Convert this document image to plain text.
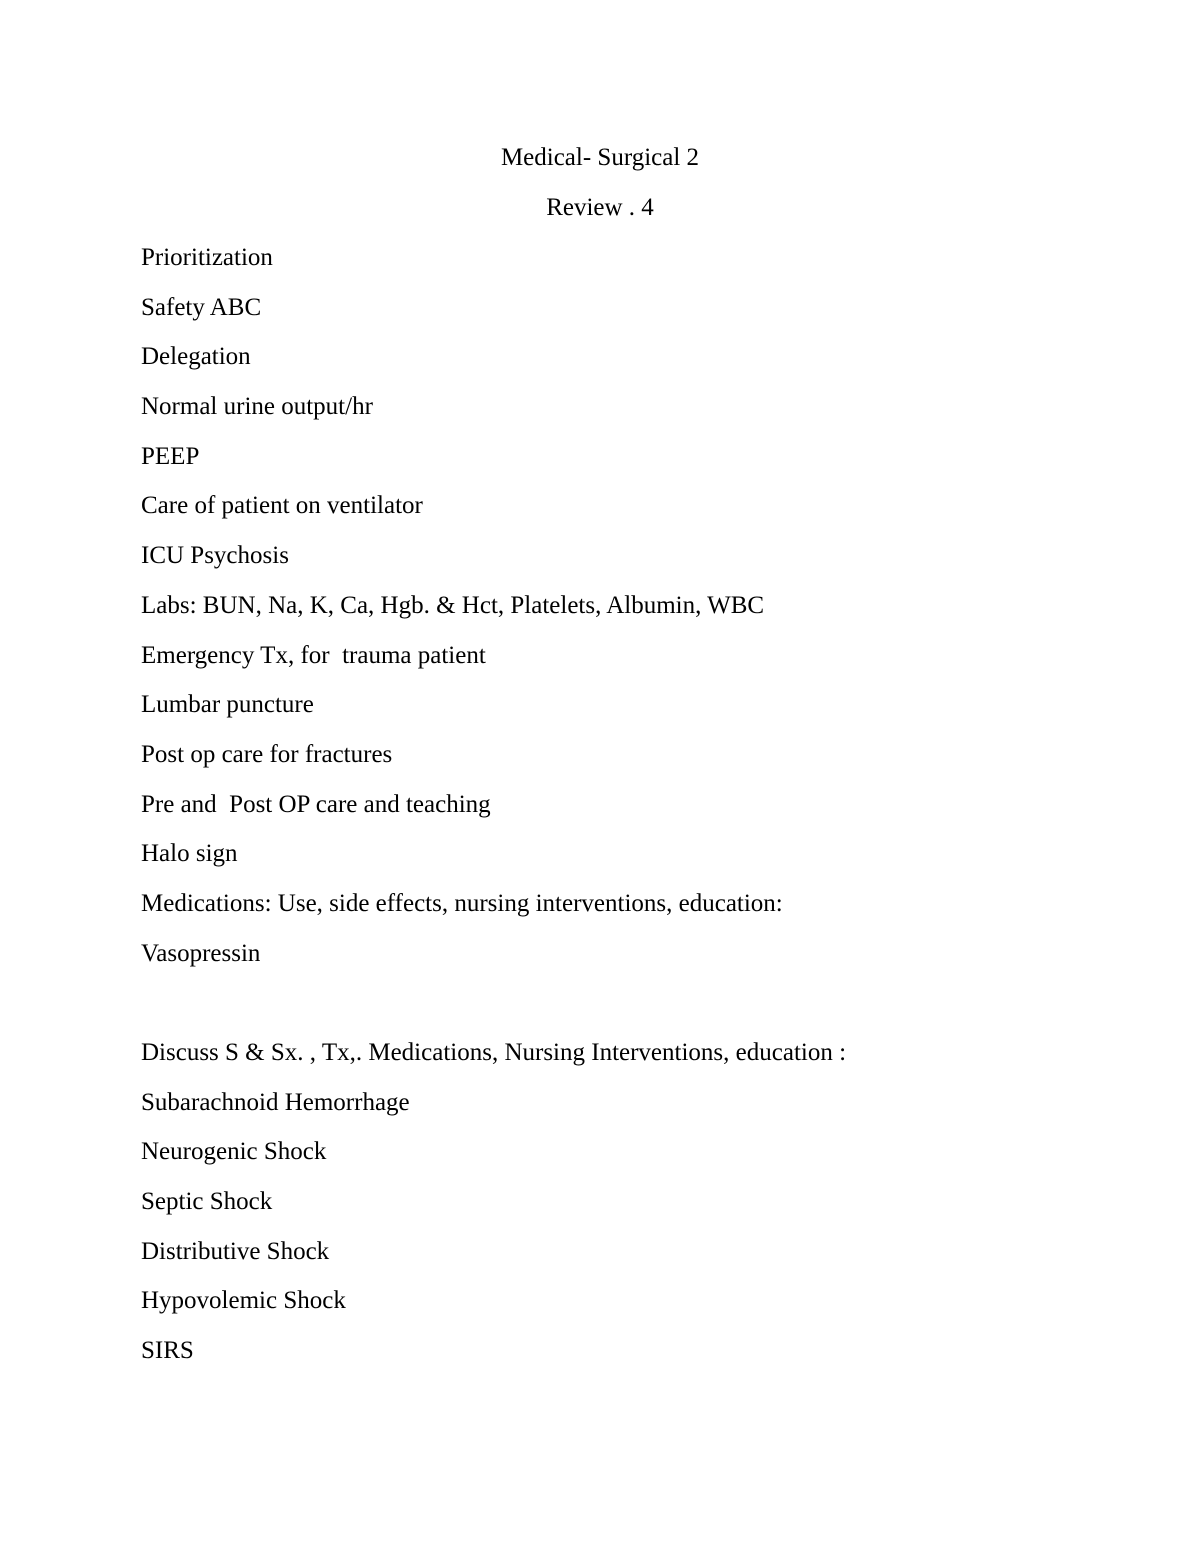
Medical- Surgical 2
Review . 4
Prioritization
Safety ABC
Delegation
Normal urine output/hr
PEEP
Care of patient on ventilator
ICU Psychosis
Labs: BUN, Na, K, Ca, Hgb. & Hct, Platelets, Albumin, WBC
Emergency Tx, for  trauma patient
Lumbar puncture
Post op care for fractures
Pre and  Post OP care and teaching
Halo sign
Medications: Use, side effects, nursing interventions, education:
Vasopressin
Discuss S & Sx. , Tx,. Medications, Nursing Interventions, education :
Subarachnoid Hemorrhage
Neurogenic Shock
Septic Shock
Distributive Shock
Hypovolemic Shock
SIRS
